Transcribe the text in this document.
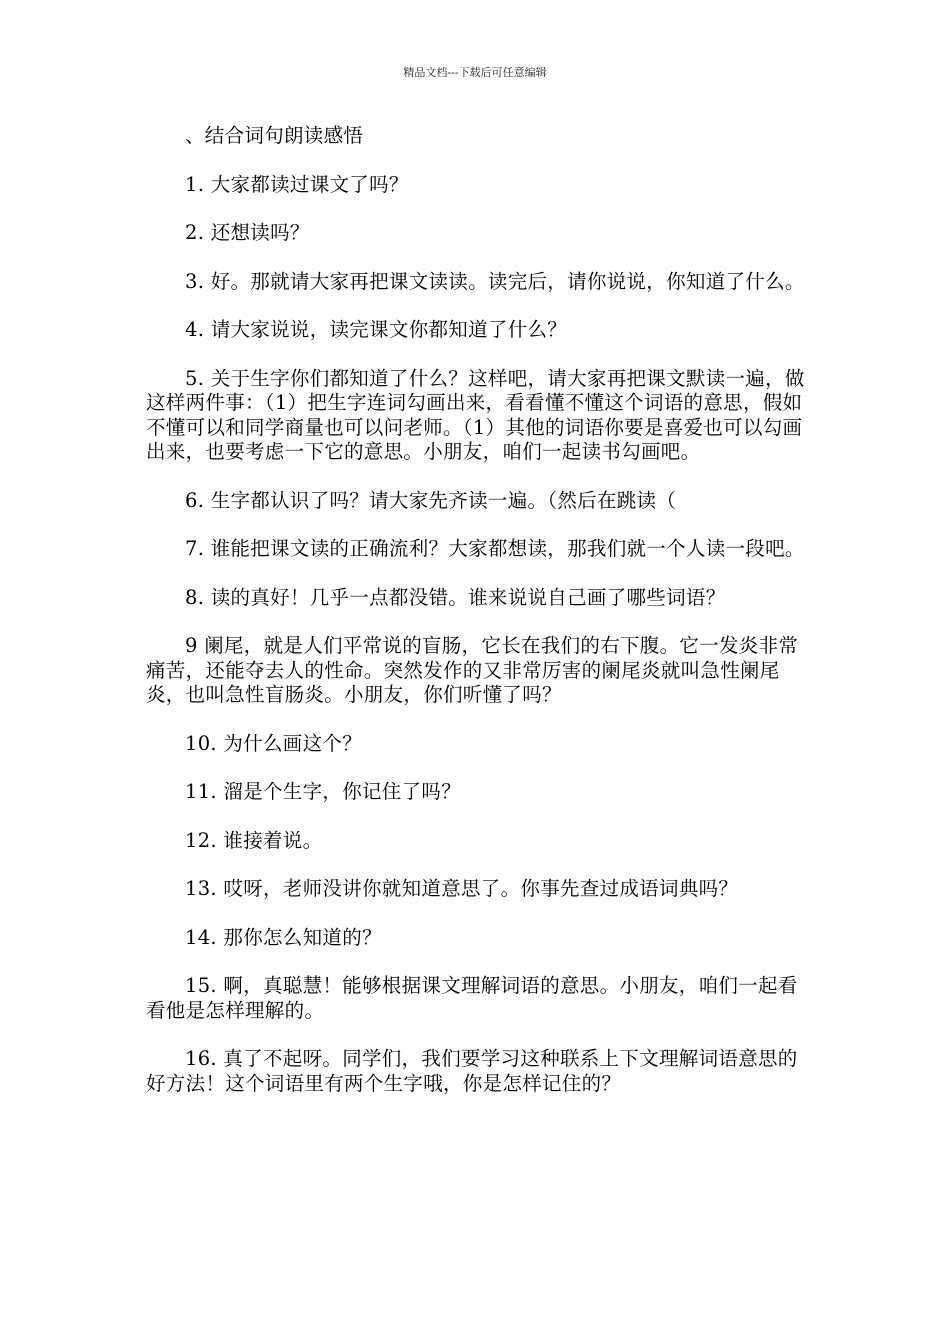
精品文档---下载后可任意编辑

、结合词句朗读感悟

1. 大家都读过课文了吗？

2. 还想读吗？

3. 好。那就请大家再把课文读读。读完后，请你说说，你知道了什么。

4. 请大家说说，读完课文你都知道了什么？

5. 关于生字你们都知道了什么？这样吧，请大家再把课文默读一遍，做这样两件事：（1）把生字连词勾画出来，看看懂不懂这个词语的意思，假如不懂可以和同学商量也可以问老师。（1）其他的词语你要是喜爱也可以勾画出来，也要考虑一下它的意思。小朋友，咱们一起读书勾画吧。

6. 生字都认识了吗？请大家先齐读一遍。（然后在跳读（

7. 谁能把课文读的正确流利？大家都想读，那我们就一个人读一段吧。

8. 读的真好！几乎一点都没错。谁来说说自己画了哪些词语？

9 阑尾，就是人们平常说的盲肠，它长在我们的右下腹。它一发炎非常痛苦，还能夺去人的性命。突然发作的又非常厉害的阑尾炎就叫急性阑尾炎，也叫急性盲肠炎。小朋友，你们听懂了吗？

10. 为什么画这个？

11. 溜是个生字，你记住了吗？

12. 谁接着说。

13. 哎呀，老师没讲你就知道意思了。你事先查过成语词典吗？

14. 那你怎么知道的？

15. 啊，真聪慧！能够根据课文理解词语的意思。小朋友，咱们一起看看他是怎样理解的。

16. 真了不起呀。同学们，我们要学习这种联系上下文理解词语意思的好方法！这个词语里有两个生字哦，你是怎样记住的？
